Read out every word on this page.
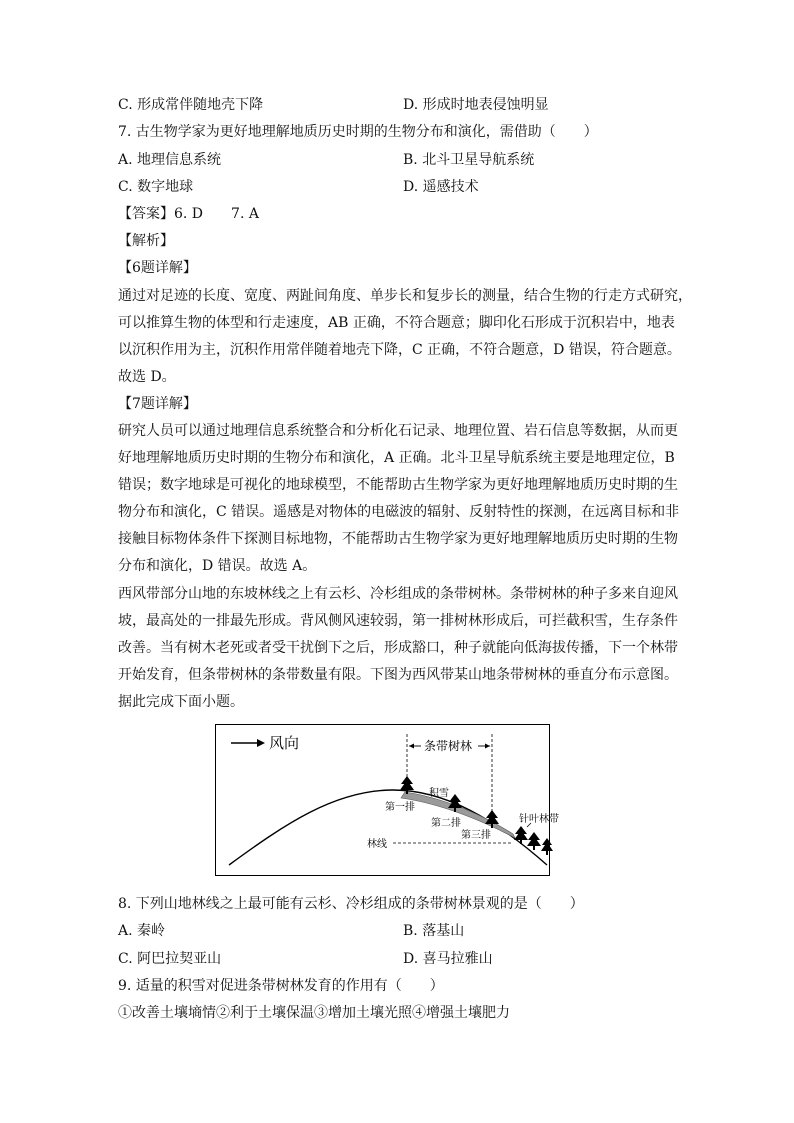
C. 形成常伴随地壳下降	D. 形成时地表侵蚀明显
7. 古生物学家为更好地理解地质历史时期的生物分布和演化，需借助（　　）
A. 地理信息系统	B. 北斗卫星导航系统
C. 数字地球	D. 遥感技术
【答案】6. D　　7. A
【解析】
【6题详解】
通过对足迹的长度、宽度、两趾间角度、单步长和复步长的测量，结合生物的行走方式研究，
可以推算生物的体型和行走速度，AB 正确，不符合题意；脚印化石形成于沉积岩中，地表
以沉积作用为主，沉积作用常伴随着地壳下降，C 正确，不符合题意，D 错误，符合题意。
故选 D。
【7题详解】
研究人员可以通过地理信息系统整合和分析化石记录、地理位置、岩石信息等数据，从而更
好地理解地质历史时期的生物分布和演化，A 正确。北斗卫星导航系统主要是地理定位，B
错误；数字地球是可视化的地球模型，不能帮助古生物学家为更好地理解地质历史时期的生
物分布和演化，C 错误。遥感是对物体的电磁波的辐射、反射特性的探测，在远离目标和非
接触目标物体条件下探测目标地物，不能帮助古生物学家为更好地理解地质历史时期的生物
分布和演化，D 错误。故选 A。
西风带部分山地的东坡林线之上有云杉、冷杉组成的条带树林。条带树林的种子多来自迎风
坡，最高处的一排最先形成。背风侧风速较弱，第一排树林形成后，可拦截积雪，生存条件
改善。当有树木老死或者受干扰倒下之后，形成豁口，种子就能向低海拔传播，下一个林带
开始发育，但条带树林的条带数量有限。下图为西风带某山地条带树林的垂直分布示意图。
据此完成下面小题。
风向	条带树林
积雪
林线
第一排
第二排
第三排
针叶林带
8. 下列山地林线之上最可能有云杉、冷杉组成的条带树林景观的是（　　）
A. 秦岭	B. 落基山
C. 阿巴拉契亚山	D. 喜马拉雅山
9. 适量的积雪对促进条带树林发育的作用有（　　）
①改善土壤墒情②利于土壤保温③增加土壤光照④增强土壤肥力
